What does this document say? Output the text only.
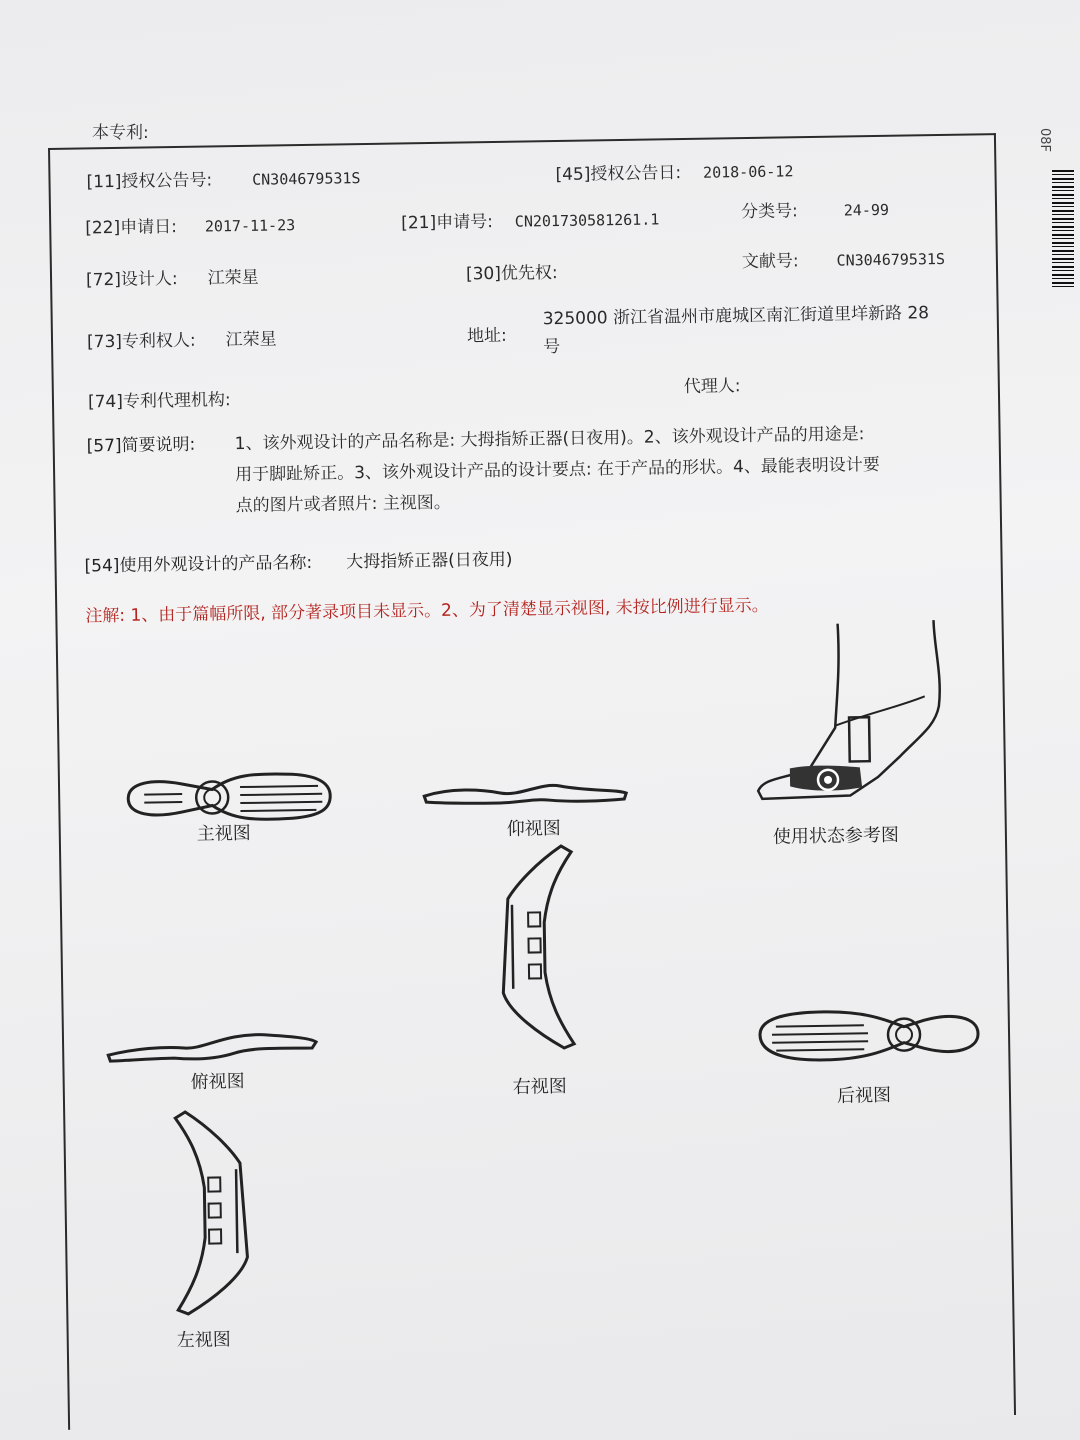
本专利:	08F
[11]授权公告号:	CN304679531S	[45]授权公告日: 2018-06-12
[22]申请日: 2017-11-23	[21]申请号: CN201730581261.1	分类号:	24-99
[72]设计人: 江荣星	[30]优先权:
文献号:	CN304679531S
[73]专利权人: 江荣星	地址:
325000 浙江省温州市鹿城区南汇街道里垟新路 28
号
[74]专利代理机构:
代理人:
[57]简要说明: 1、该外观设计的产品名称是: 大拇指矫正器(日夜用)。2、该外观设计产品的用途是:
用于脚趾矫正。3、该外观设计产品的设计要点: 在于产品的形状。4、最能表明设计要
点的图片或者照片: 主视图。
[54]使用外观设计的产品名称: 大拇指矫正器(日夜用)
注解: 1、由于篇幅所限, 部分著录项目未显示。2、为了清楚显示视图, 未按比例进行显示。
主视图	仰视图	使用状态参考图
右视图
俯视图
后视图
左视图
